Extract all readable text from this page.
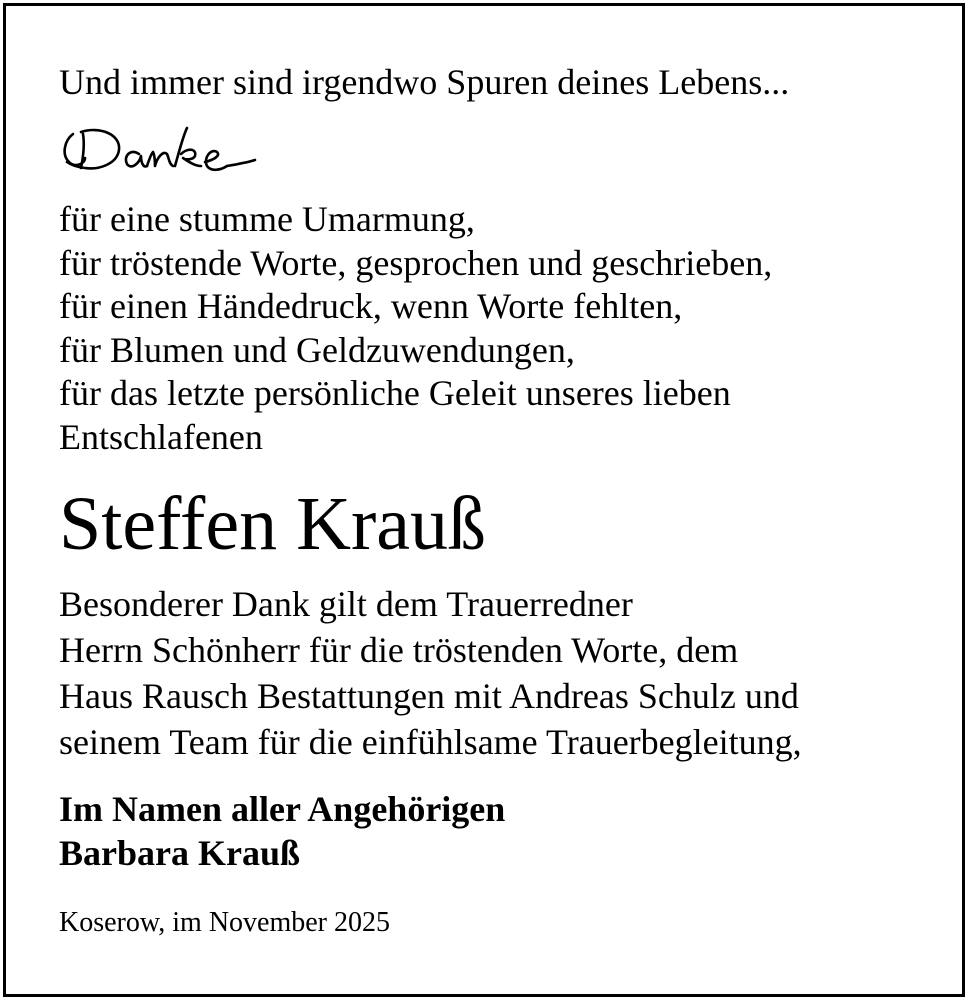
Und immer sind irgendwo Spuren deines Lebens...

für eine stumme Umarmung,
für tröstende Worte, gesprochen und geschrieben,
für einen Händedruck, wenn Worte fehlten,
für Blumen und Geldzuwendungen,
für das letzte persönliche Geleit unseres lieben
Entschlafenen
Steffen Krauß
Besonderer Dank gilt dem Trauerredner
Herrn Schönherr für die tröstenden Worte, dem
Haus Rausch Bestattungen mit Andreas Schulz und
seinem Team für die einfühlsame Trauerbegleitung,
Im Namen aller Angehörigen
Barbara Krauß

Koserow, im November 2025
